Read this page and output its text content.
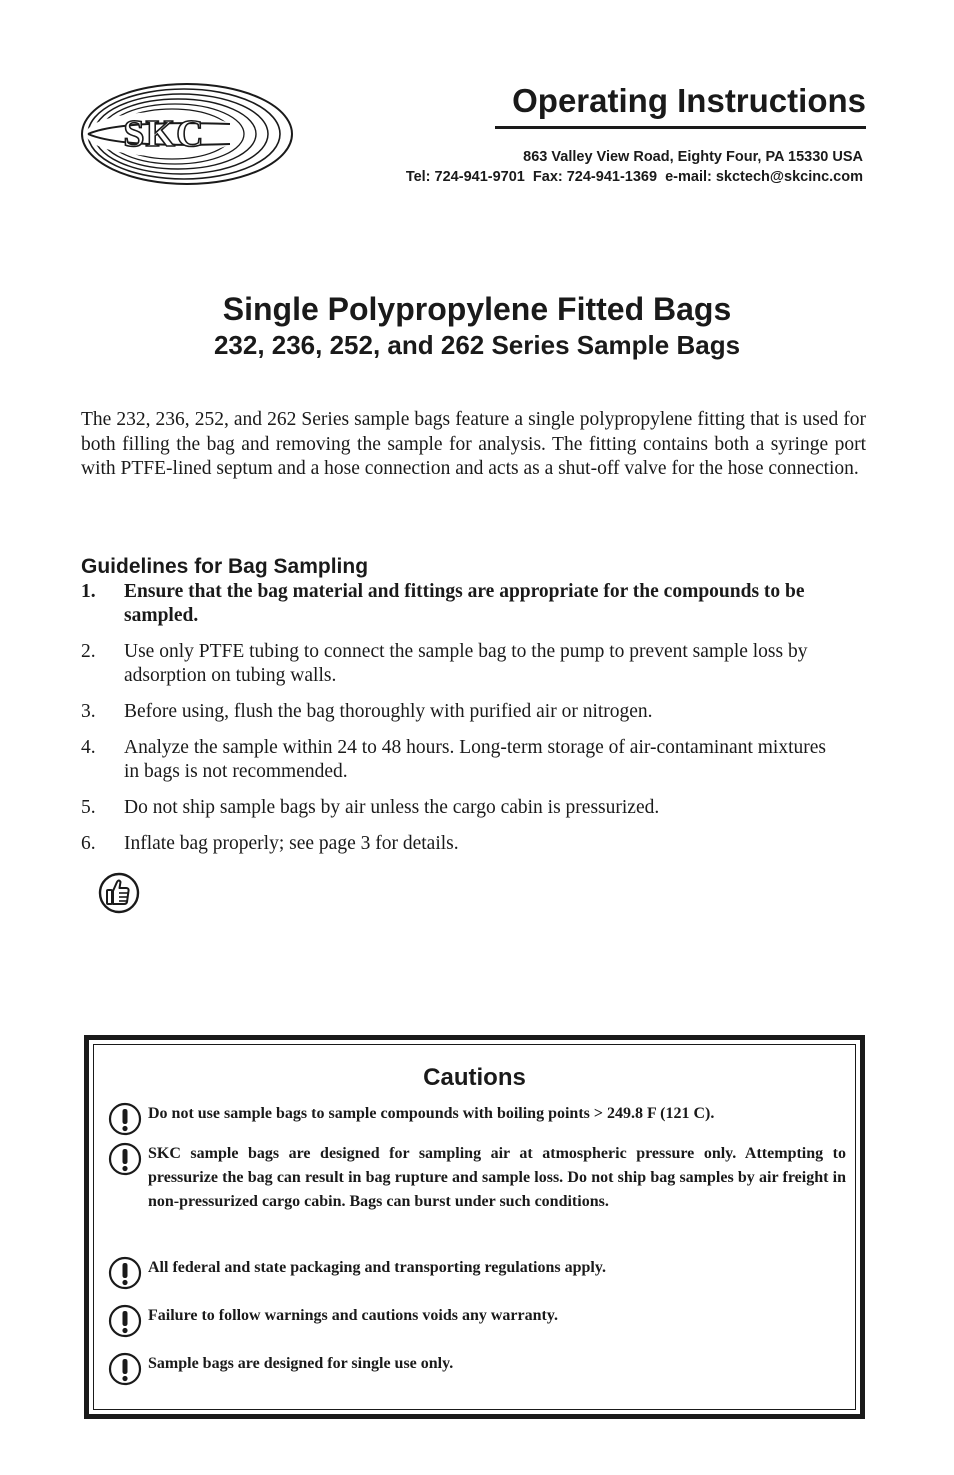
SKC
Operating Instructions
863 Valley View Road, Eighty Four, PA 15330 USA
Tel: 724-941-9701  Fax: 724-941-1369  e-mail: skctech@skcinc.com
Single Polypropylene Fitted Bags
232, 236, 252, and 262 Series Sample Bags

The 232, 236, 252, and 262 Series sample bags feature a single polypropylene fitting that is used for both filling the bag and removing the sample for analysis. The fitting contains both a syringe port with PTFE-lined septum and a hose connection and acts as a shut-off valve for the hose connection.

Guidelines for Bag Sampling
1. Ensure that the bag material and fittings are appropriate for the compounds to be sampled.
2. Use only PTFE tubing to connect the sample bag to the pump to prevent sample loss by adsorption on tubing walls.
3. Before using, flush the bag thoroughly with purified air or nitrogen.
4. Analyze the sample within 24 to 48 hours. Long-term storage of air-contaminant mixtures in bags is not recommended.
5. Do not ship sample bags by air unless the cargo cabin is pressurized.
6. Inflate bag properly; see page 3 for details.
Cautions
Do not use sample bags to sample compounds with boiling points > 249.8 F (121 C).
SKC sample bags are designed for sampling air at atmospheric pressure only. Attempting to pressurize the bag can result in bag rupture and sample loss. Do not ship bag samples by air freight in non-pressurized cargo cabin. Bags can burst under such conditions.
All federal and state packaging and transporting regulations apply.
Failure to follow warnings and cautions voids any warranty.
Sample bags are designed for single use only.
